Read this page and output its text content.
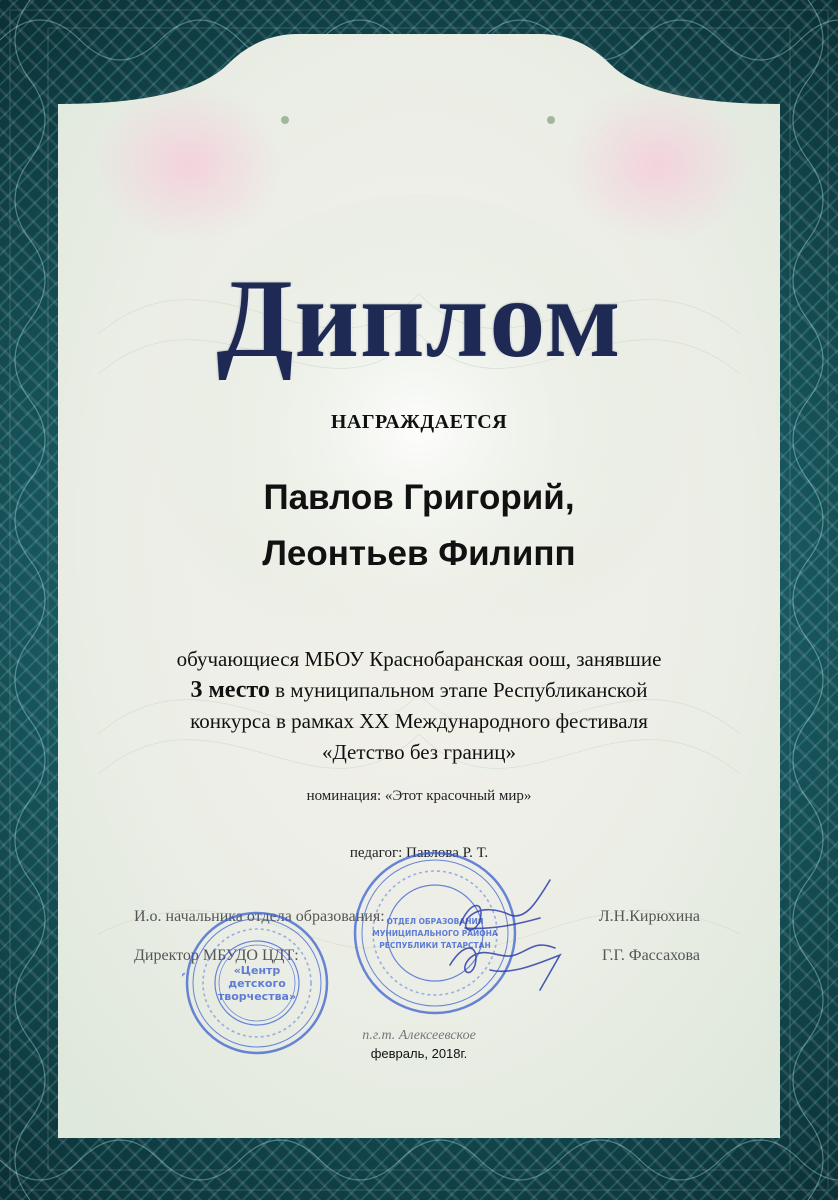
Диплом
НАГРАЖДАЕТСЯ
Павлов Григорий,
Леонтьев Филипп
обучающиеся МБОУ Краснобаранская оош, занявшие
3 место в муниципальном этапе Республиканской
конкурса в рамках XX Международного фестиваля
«Детство без границ»
номинация: «Этот красочный мир»
педагог: Павлова Р. Т.
И.о. начальника отдела образования:	Л.Н.Кирюхина
Директор МБУДО ЦДТ:	Г.Г. Фассахова
«Центр
детского
творчества»
ОТДЕЛ ОБРАЗОВАНИЯ
МУНИЦИПАЛЬНОГО РАЙОНА
РЕСПУБЛИКИ ТАТАРСТАН
п.г.т. Алексеевское
февраль, 2018г.
